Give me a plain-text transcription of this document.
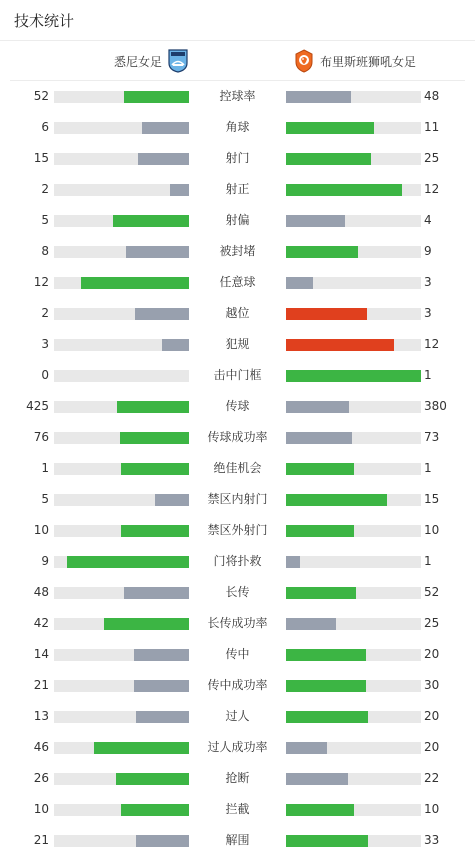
技术统计
悉尼女足	布里斯班狮吼女足
52	控球率	48
6	角球	11
15	射门	25
2	射正	12
5	射偏	4
8	被封堵	9
12	任意球	3
2	越位	3
3	犯规	12
0	击中门框	1
425	传球	380
76	传球成功率	73
1	绝佳机会	1
5	禁区内射门	15
10	禁区外射门	10
9	门将扑救	1
48	长传	52
42	长传成功率	25
14	传中	20
21	传中成功率	30
13	过人	20
46	过人成功率	20
26	抢断	22
10	拦截	10
21	解围	33
